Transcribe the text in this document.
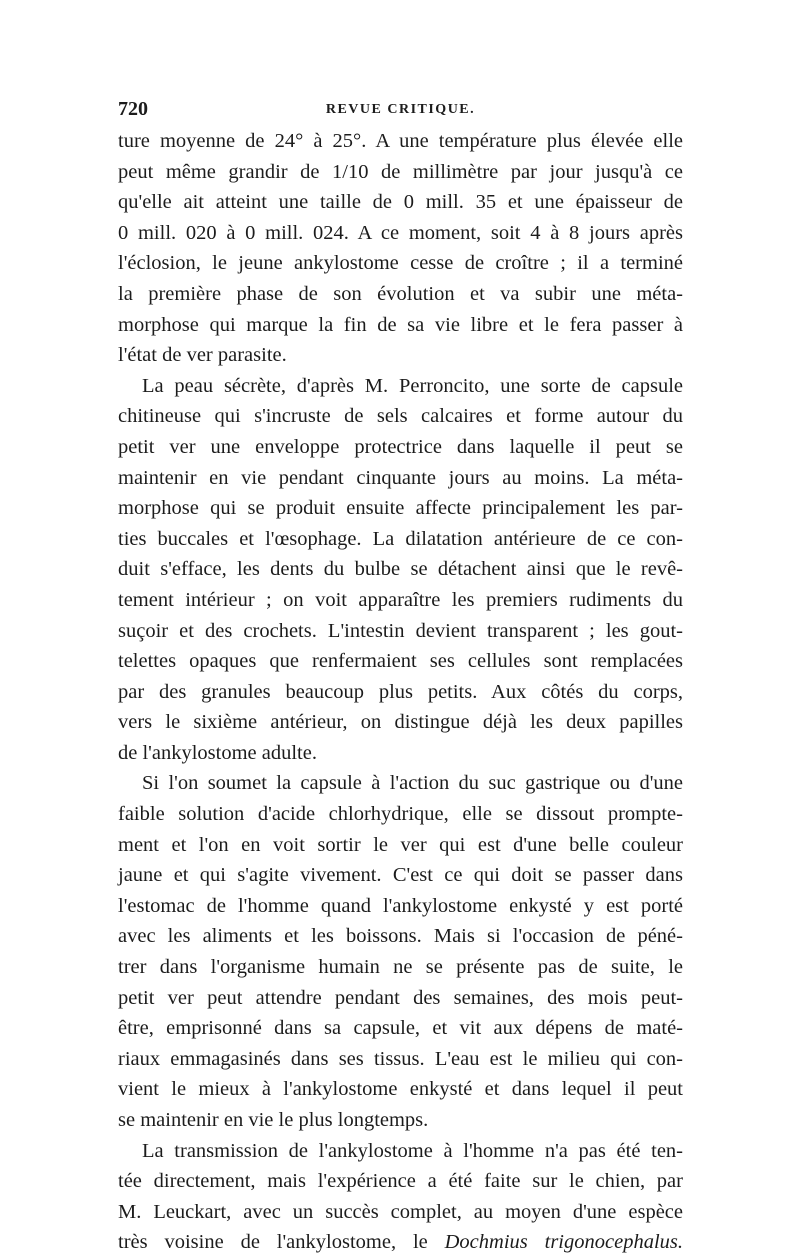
720	REVUE CRITIQUE.
ture moyenne de 24° à 25°. A une température plus élevée elle
peut même grandir de 1/10 de millimètre par jour jusqu'à ce
qu'elle ait atteint une taille de 0 mill. 35 et une épaisseur de
0 mill. 020 à 0 mill. 024. A ce moment, soit 4 à 8 jours après
l'éclosion, le jeune ankylostome cesse de croître ; il a terminé
la première phase de son évolution et va subir une méta-
morphose qui marque la fin de sa vie libre et le fera passer à
l'état de ver parasite.
La peau sécrète, d'après M. Perroncito, une sorte de capsule
chitineuse qui s'incruste de sels calcaires et forme autour du
petit ver une enveloppe protectrice dans laquelle il peut se
maintenir en vie pendant cinquante jours au moins. La méta-
morphose qui se produit ensuite affecte principalement les par-
ties buccales et l'œsophage. La dilatation antérieure de ce con-
duit s'efface, les dents du bulbe se détachent ainsi que le revê-
tement intérieur ; on voit apparaître les premiers rudiments du
suçoir et des crochets. L'intestin devient transparent ; les gout-
telettes opaques que renfermaient ses cellules sont remplacées
par des granules beaucoup plus petits. Aux côtés du corps,
vers le sixième antérieur, on distingue déjà les deux papilles
de l'ankylostome adulte.
Si l'on soumet la capsule à l'action du suc gastrique ou d'une
faible solution d'acide chlorhydrique, elle se dissout prompte-
ment et l'on en voit sortir le ver qui est d'une belle couleur
jaune et qui s'agite vivement. C'est ce qui doit se passer dans
l'estomac de l'homme quand l'ankylostome enkysté y est porté
avec les aliments et les boissons. Mais si l'occasion de péné-
trer dans l'organisme humain ne se présente pas de suite, le
petit ver peut attendre pendant des semaines, des mois peut-
être, emprisonné dans sa capsule, et vit aux dépens de maté-
riaux emmagasinés dans ses tissus. L'eau est le milieu qui con-
vient le mieux à l'ankylostome enkysté et dans lequel il peut
se maintenir en vie le plus longtemps.
La transmission de l'ankylostome à l'homme n'a pas été ten-
tée directement, mais l'expérience a été faite sur le chien, par
M. Leuckart, avec un succès complet, au moyen d'une espèce
très voisine de l'ankylostome, le Dochmius trigonocephalus.
